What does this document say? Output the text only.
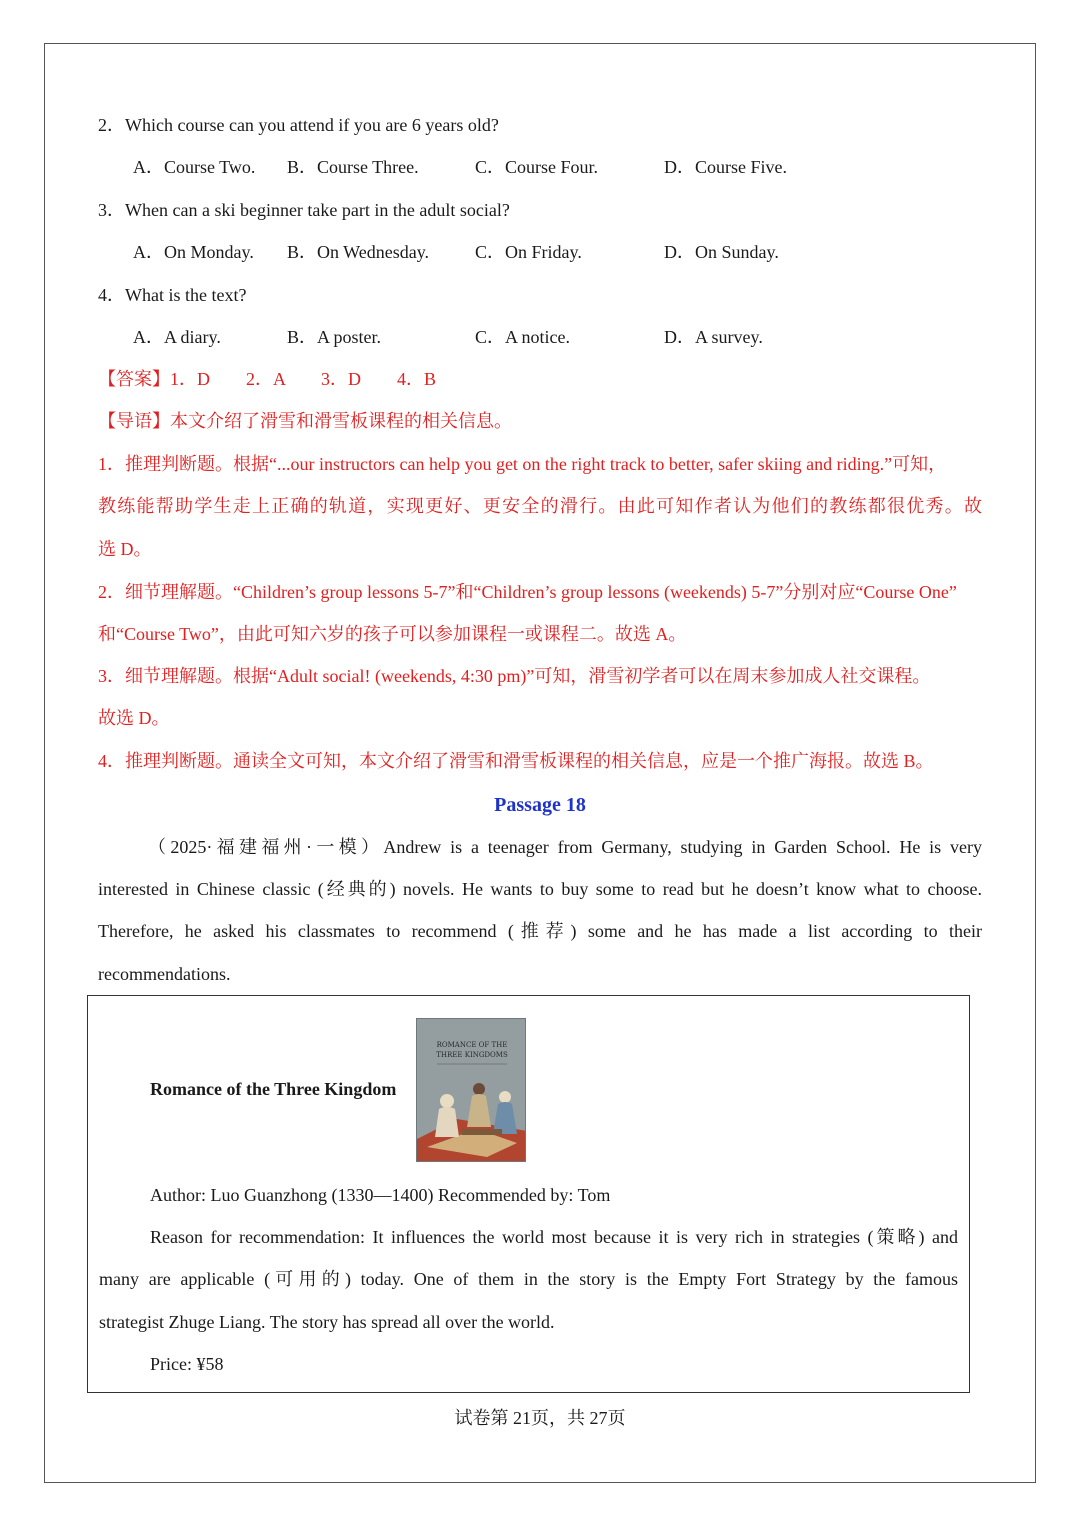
2．Which course can you attend if you are 6 years old?
A．Course Two. B．Course Three.	C．Course Four.	D．Course Five.
3．When can a ski beginner take part in the adult social?
A．On Monday. B．On Wednesday.	C．On Friday.	D．On Sunday.
4．What is the text?
A．A diary.	B．A poster.	C．A notice.	D．A survey.
【答案】1．D　　2．A　　3．D　　4．B
【导语】本文介绍了滑雪和滑雪板课程的相关信息。
1．推理判断题。根据“...our instructors can help you get on the right track to better, safer skiing and riding.”可知，
教练能帮助学生走上正确的轨道，实现更好、更安全的滑行。由此可知作者认为他们的教练都很优秀。故
选 D。
2．细节理解题。“Children’s group lessons 5-7”和“Children’s group lessons (weekends) 5-7”分别对应“Course One”
和“Course Two”，由此可知六岁的孩子可以参加课程一或课程二。故选 A。
3．细节理解题。根据“Adult social! (weekends, 4:30 pm)”可知，滑雪初学者可以在周末参加成人社交课程。
故选 D。
4．推理判断题。通读全文可知，本文介绍了滑雪和滑雪板课程的相关信息，应是一个推广海报。故选 B。
Passage 18
（2025·福建福州·一模）Andrew is a teenager from Germany, studying in Garden School. He is very
interested in Chinese classic (经典的) novels. He wants to buy some to read but he doesn’t know what to choose.
Therefore, he asked his classmates to recommend (推荐) some and he has made a list according to their
recommendations.
Romance of the Three Kingdom
ROMANCE OF THE
THREE KINGDOMS
Author: Luo Guanzhong (1330—1400) Recommended by: Tom
Reason for recommendation: It influences the world most because it is very rich in strategies (策略) and
many are applicable (可用的) today. One of them in the story is the Empty Fort Strategy by the famous
strategist Zhuge Liang. The story has spread all over the world.
Price: ¥58
试卷第 21页，共 27页
